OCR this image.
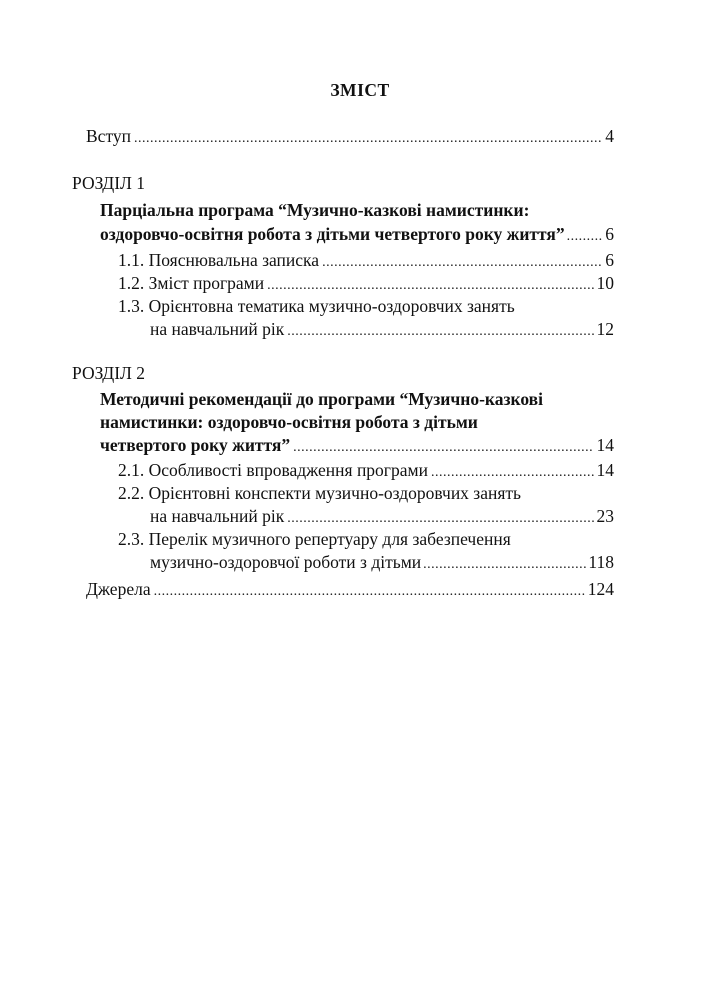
ЗМІСТ
Вступ .....	4
РОЗДІЛ 1
Парціальна програма “Музично-казкові намистинки:
оздоровчо-освітня робота з дітьми четвертого року життя” ..... 6
1.1. Пояснювальна записка .....	6
1.2. Зміст програми .....	10
1.3. Орієнтовна тематика музично-оздоровчих занять
на навчальний рік .....	12
РОЗДІЛ 2
Методичні рекомендації до програми “Музично-казкові
намистинки: оздоровчо-освітня робота з дітьми
четвертого року життя” .....	14
2.1. Особливості впровадження програми .....	14
2.2. Орієнтовні конспекти музично-оздоровчих занять
на навчальний рік .....	23
2.3. Перелік музичного репертуару для забезпечення
музично-оздоровчої роботи з дітьми .....	118
Джерела .....	124
